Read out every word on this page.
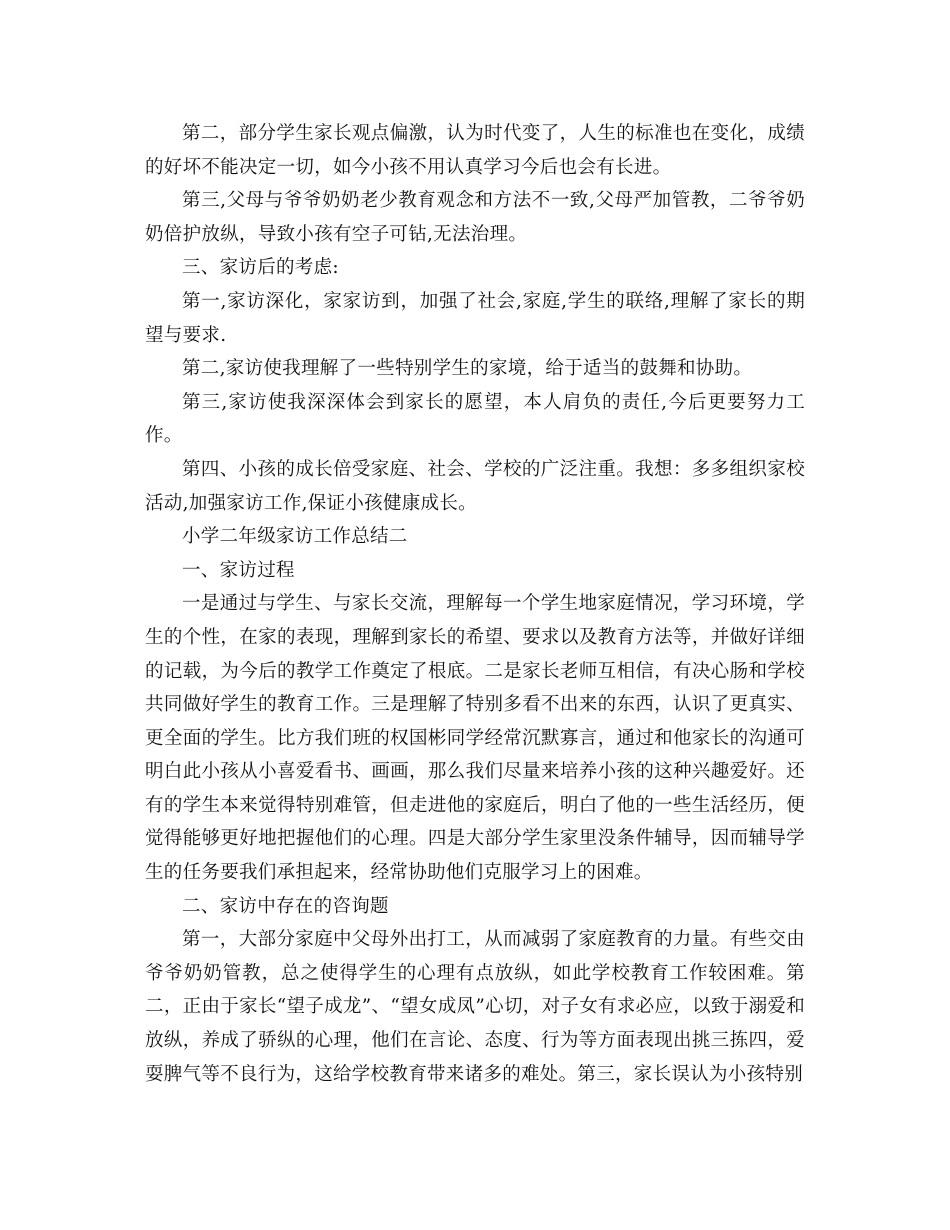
第二，部分学生家长观点偏激，认为时代变了，人生的标准也在变化，成绩的好坏不能决定一切，如今小孩不用认真学习今后也会有长进。

第三,父母与爷爷奶奶老少教育观念和方法不一致,父母严加管教，二爷爷奶奶倍护放纵，导致小孩有空子可钻,无法治理。

三、家访后的考虑:

第一,家访深化，家家访到，加强了社会,家庭,学生的联络,理解了家长的期望与要求.

第二,家访使我理解了一些特别学生的家境，给于适当的鼓舞和协助。

第三,家访使我深深体会到家长的愿望，本人肩负的责任,今后更要努力工作。

第四、小孩的成长倍受家庭、社会、学校的广泛注重。我想：多多组织家校活动,加强家访工作,保证小孩健康成长。

小学二年级家访工作总结二

一、家访过程

一是通过与学生、与家长交流，理解每一个学生地家庭情况，学习环境，学生的个性，在家的表现，理解到家长的希望、要求以及教育方法等，并做好详细的记载，为今后的教学工作奠定了根底。二是家长老师互相信，有决心肠和学校共同做好学生的教育工作。三是理解了特别多看不出来的东西，认识了更真实、更全面的学生。比方我们班的权国彬同学经常沉默寡言，通过和他家长的沟通可明白此小孩从小喜爱看书、画画，那么我们尽量来培养小孩的这种兴趣爱好。还有的学生本来觉得特别难管，但走进他的家庭后，明白了他的一些生活经历，便觉得能够更好地把握他们的心理。四是大部分学生家里没条件辅导，因而辅导学生的任务要我们承担起来，经常协助他们克服学习上的困难。

二、家访中存在的咨询题

第一，大部分家庭中父母外出打工，从而减弱了家庭教育的力量。有些交由爷爷奶奶管教，总之使得学生的心理有点放纵，如此学校教育工作较困难。第二，正由于家长“望子成龙”、“望女成凤”心切，对子女有求必应，以致于溺爱和放纵，养成了骄纵的心理，他们在言论、态度、行为等方面表现出挑三拣四，爱耍脾气等不良行为，这给学校教育带来诸多的难处。第三，家长误认为小孩特别
